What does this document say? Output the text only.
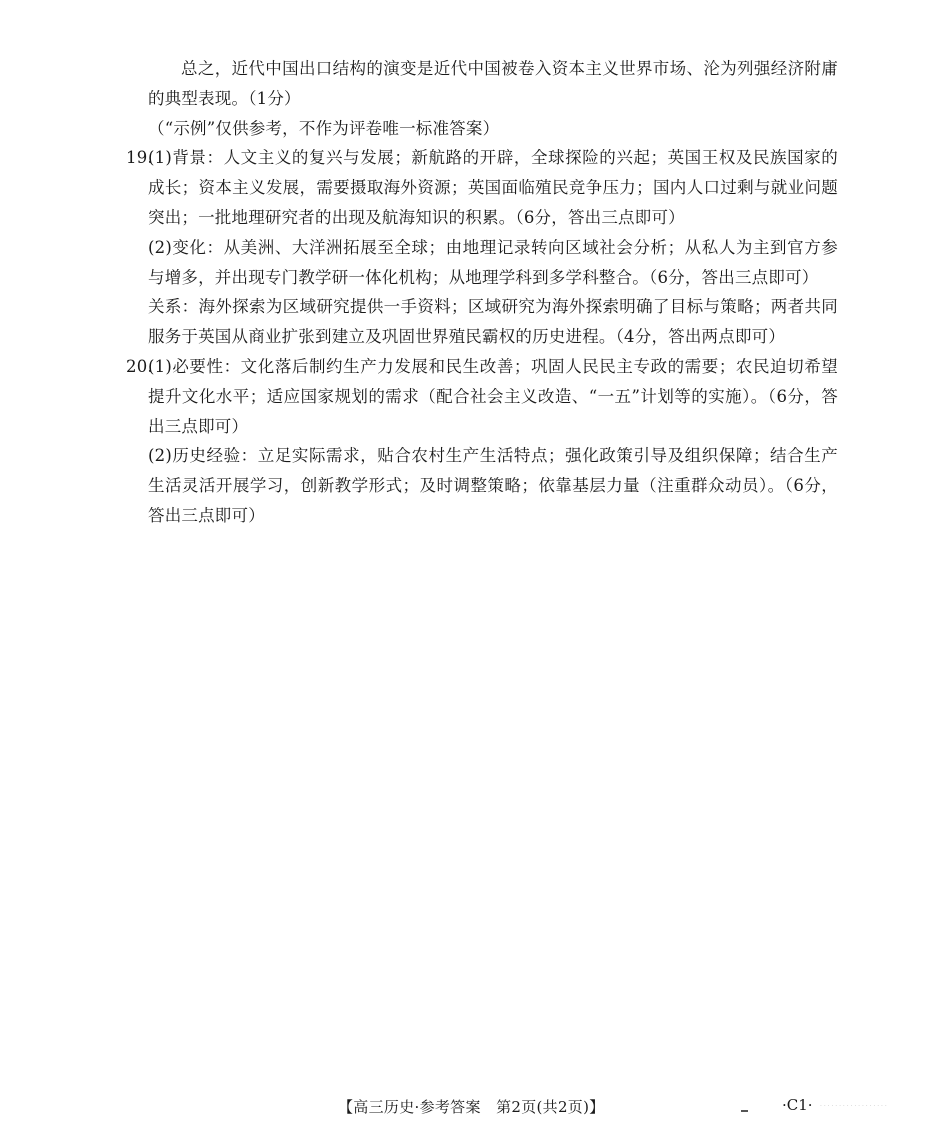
总之，近代中国出口结构的演变是近代中国被卷入资本主义世界市场、沦为列强经济附庸的典型表现。（1分）

（“示例”仅供参考，不作为评卷唯一标准答案）

19.

(1)背景：人文主义的复兴与发展；新航路的开辟，全球探险的兴起；英国王权及民族国家的成长；资本主义发展，需要摄取海外资源；英国面临殖民竞争压力；国内人口过剩与就业问题突出；一批地理研究者的出现及航海知识的积累。（6分，答出三点即可）

(2)变化：从美洲、大洋洲拓展至全球；由地理记录转向区域社会分析；从私人为主到官方参与增多，并出现专门教学研一体化机构；从地理学科到多学科整合。（6分，答出三点即可）

关系：海外探索为区域研究提供一手资料；区域研究为海外探索明确了目标与策略；两者共同服务于英国从商业扩张到建立及巩固世界殖民霸权的历史进程。（4分，答出两点即可）

20.

(1)必要性：文化落后制约生产力发展和民生改善；巩固人民民主专政的需要；农民迫切希望提升文化水平；适应国家规划的需求（配合社会主义改造、“一五”计划等的实施）。（6分，答出三点即可）

(2)历史经验：立足实际需求，贴合农村生产生活特点；强化政策引导及组织保障；结合生产生活灵活开展学习，创新教学形式；及时调整策略；依靠基层力量（注重群众动员）。（6分，答出三点即可）

【高三历史·参考答案　第2页(共2页)】	·C1· · · · · · · · · · · · · · · · · · ·
